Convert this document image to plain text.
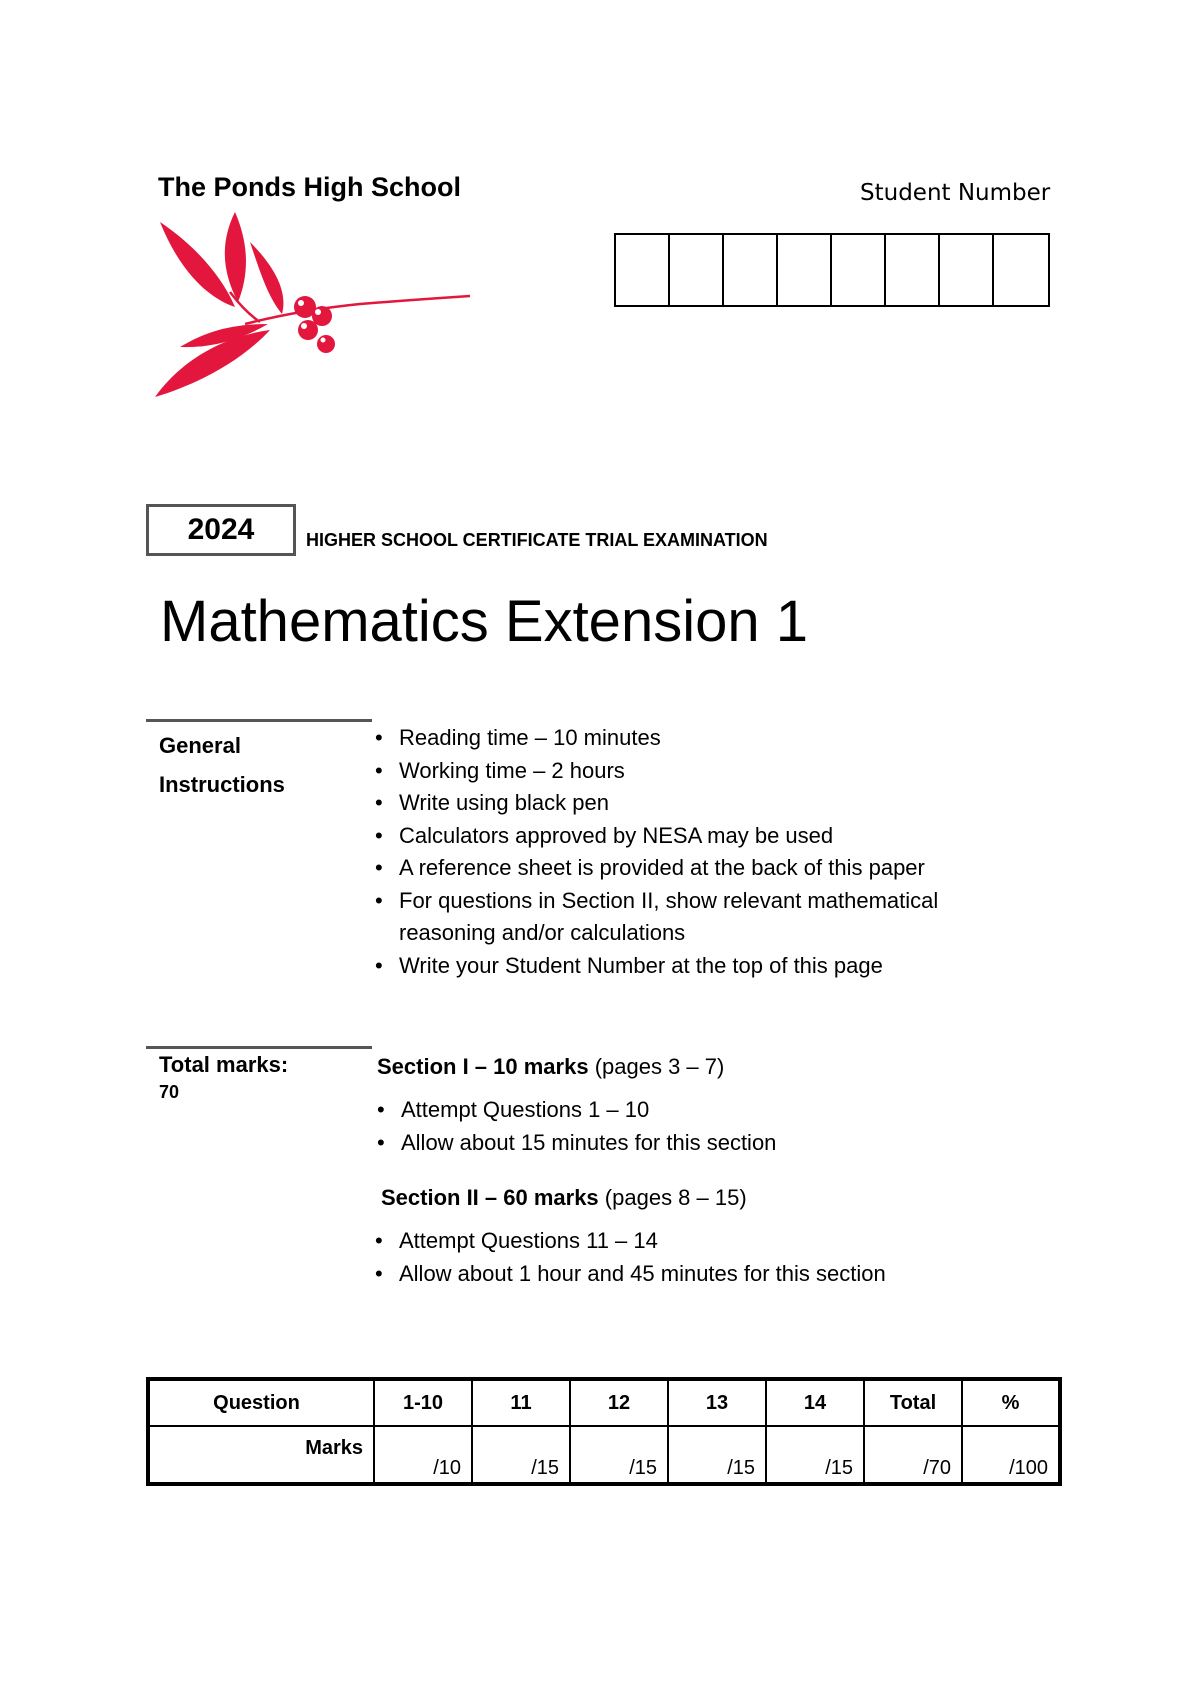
The Ponds High School	Student Number
2024	HIGHER SCHOOL CERTIFICATE TRIAL EXAMINATION
Mathematics Extension 1
General
Instructions
• Reading time – 10 minutes
• Working time – 2 hours
• Write using black pen
• Calculators approved by NESA may be used
• A reference sheet is provided at the back of this paper
• For questions in Section II, show relevant mathematical reasoning and/or calculations
• Write your Student Number at the top of this page
Total marks:
70
Section I – 10 marks (pages 3 – 7)
• Attempt Questions 1 – 10
• Allow about 15 minutes for this section
Section II – 60 marks (pages 8 – 15)
• Attempt Questions 11 – 14
• Allow about 1 hour and 45 minutes for this section
Question	1-10	11	12	13	14	Total	%
Marks	/10	/15	/15	/15	/15	/70	/100
